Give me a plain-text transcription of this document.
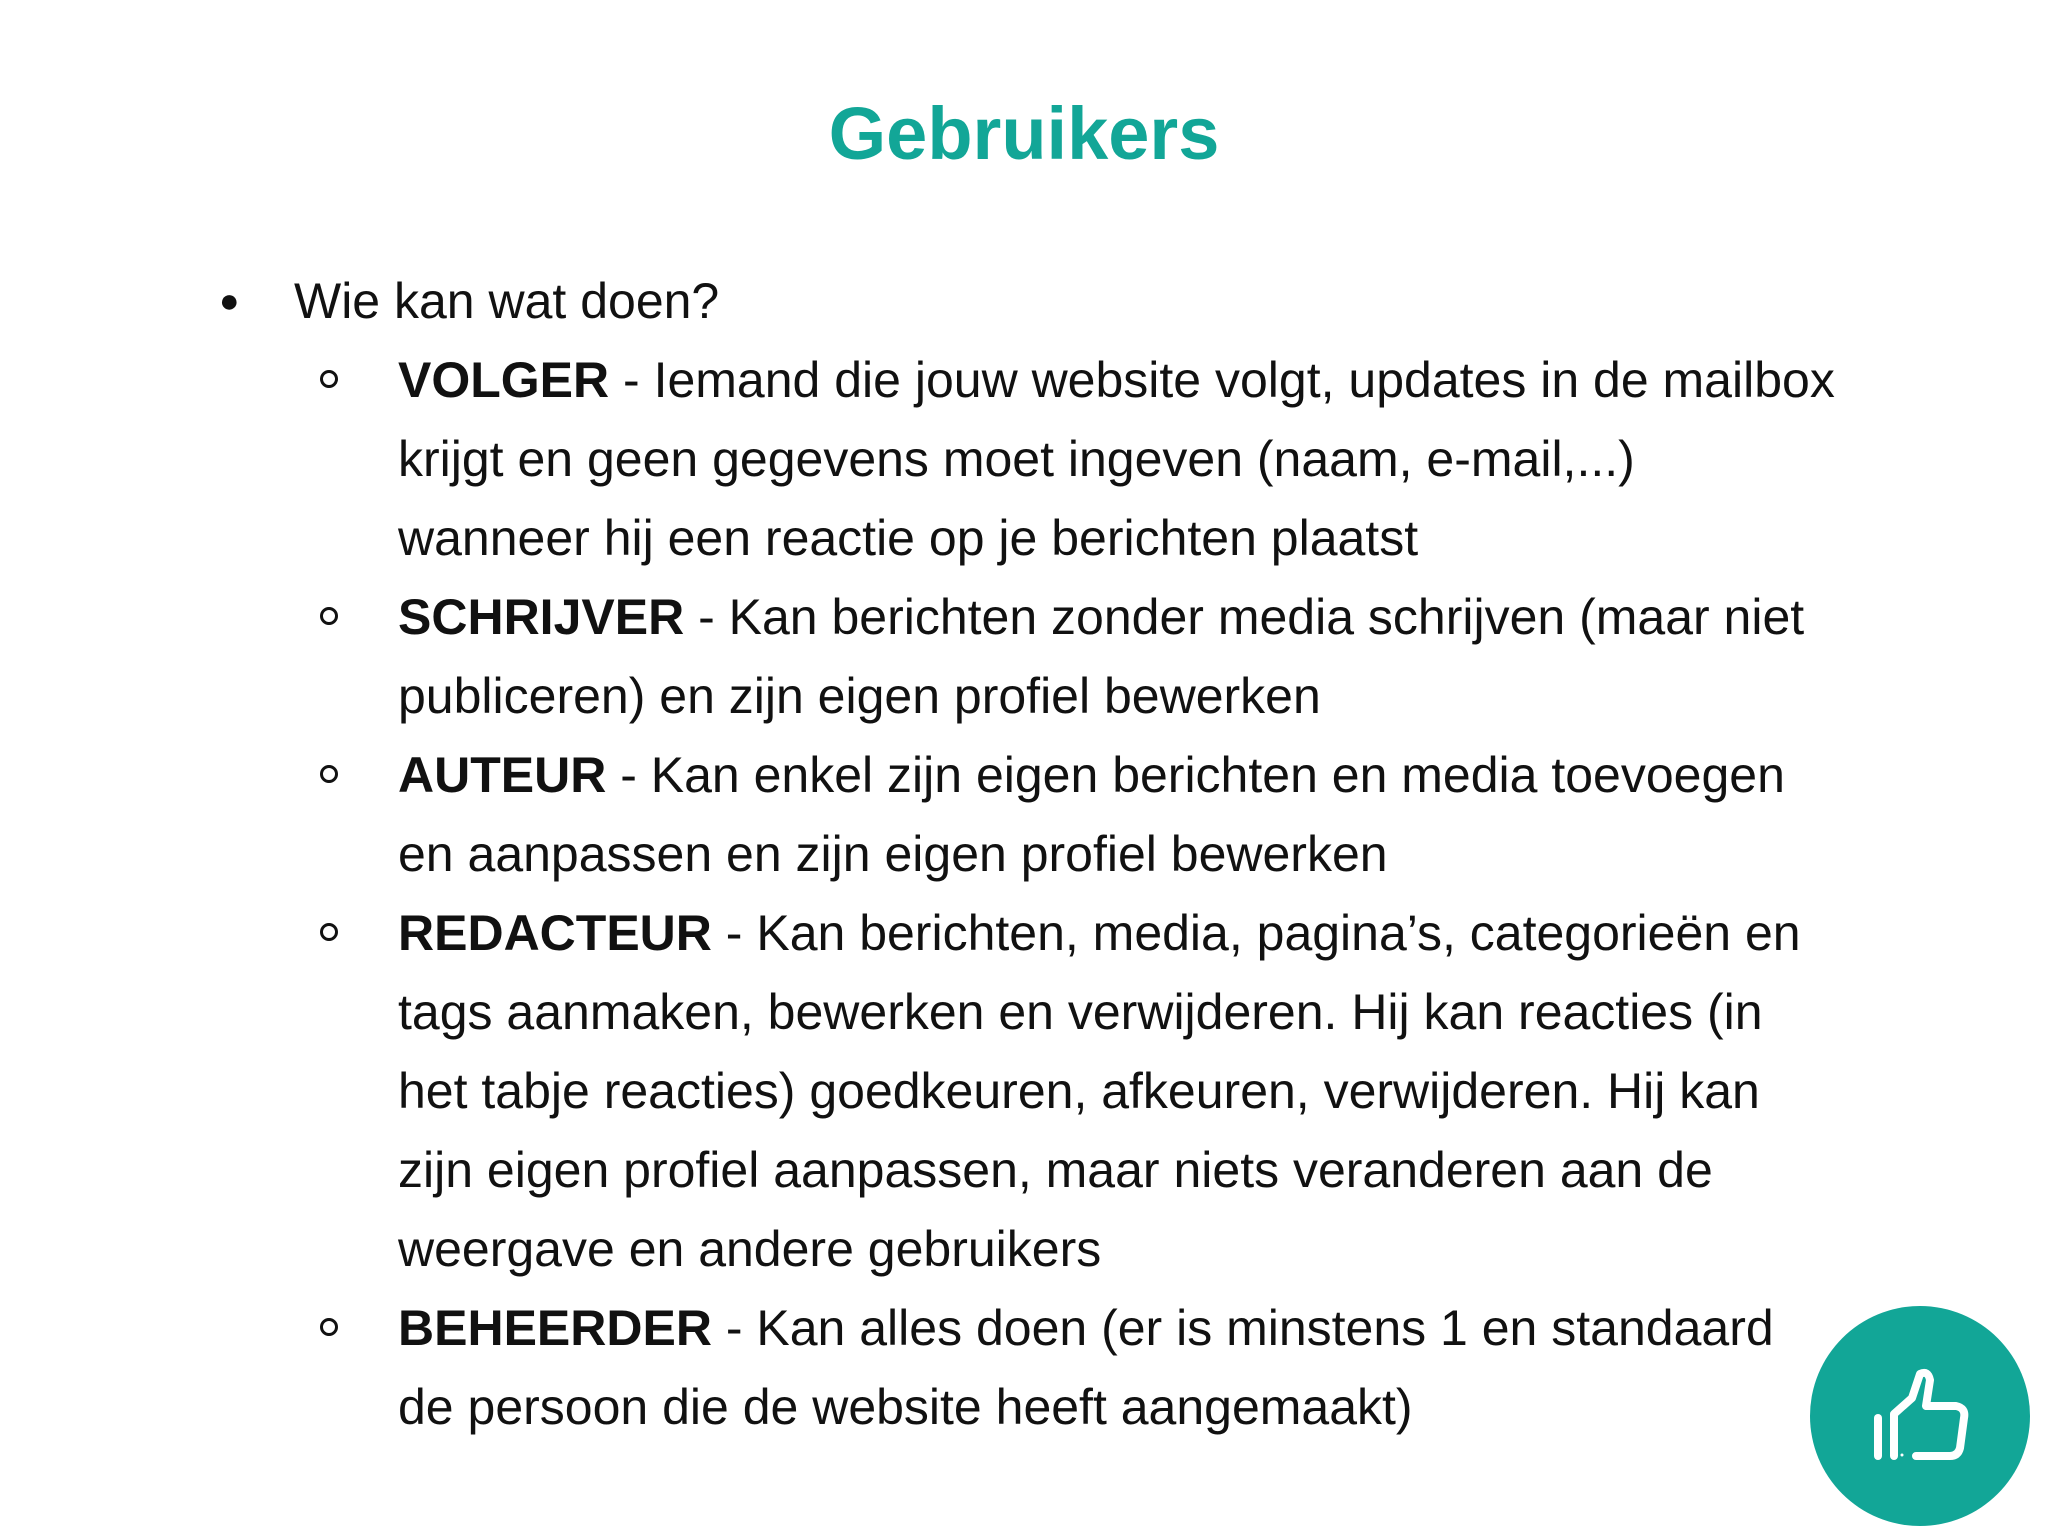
Gebruikers

● Wie kan wat doen?

VOLGER - Iemand die jouw website volgt, updates in de mailbox krijgt en geen gegevens moet ingeven (naam, e-mail,...) wanneer hij een reactie op je berichten plaatst
SCHRIJVER - Kan berichten zonder media schrijven (maar niet publiceren) en zijn eigen profiel bewerken
AUTEUR - Kan enkel zijn eigen berichten en media toevoegen en aanpassen en zijn eigen profiel bewerken
REDACTEUR - Kan berichten, media, pagina’s, categorieën en tags aanmaken, bewerken en verwijderen. Hij kan reacties (in het tabje reacties) goedkeuren, afkeuren, verwijderen. Hij kan zijn eigen profiel aanpassen, maar niets veranderen aan de weergave en andere gebruikers
BEHEERDER - Kan alles doen (er is minstens 1 en standaard de persoon die de website heeft aangemaakt)
